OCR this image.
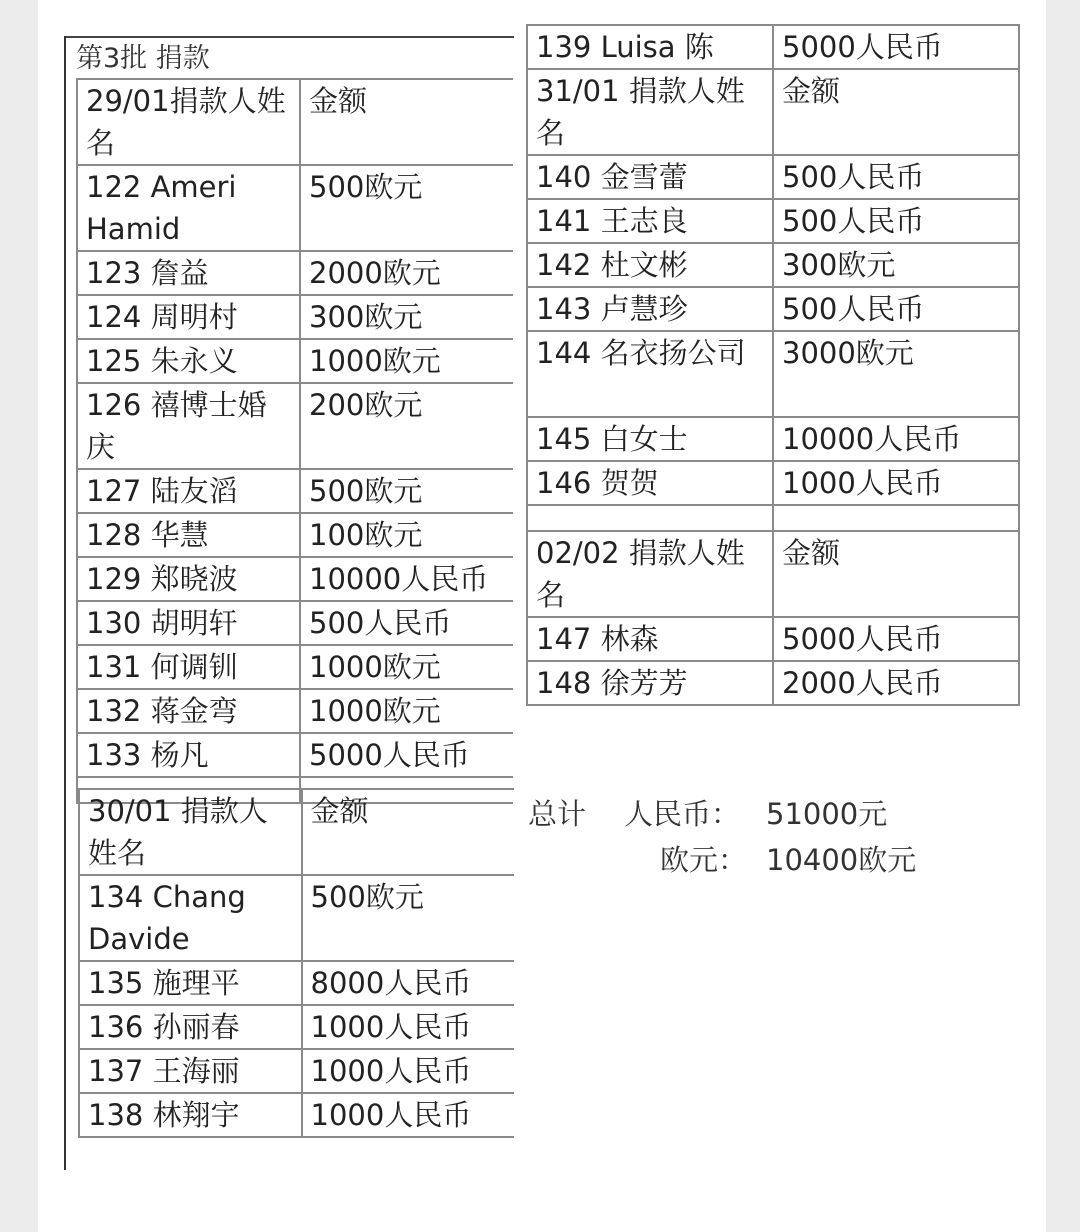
第3批 捐款
29/01捐款人姓名	金额
122 Ameri Hamid	500欧元
123 詹益	2000欧元
124 周明村	300欧元
125 朱永义	1000欧元
126 禧博士婚庆	200欧元
127 陆友滔	500欧元
128 华慧	100欧元
129 郑晓波	10000人民币
130 胡明轩	500人民币
131 何调钏	1000欧元
132 蒋金弯	1000欧元
133 杨凡	5000人民币

30/01 捐款人姓名	金额
134 Chang Davide	500欧元
135 施理平	8000人民币
136 孙丽春	1000人民币
137 王海丽	1000人民币
138 林翔宇	1000人民币
139 Luisa 陈	5000人民币
31/01 捐款人姓名	金额
140 金雪蕾	500人民币
141 王志良	500人民币
142 杜文彬	300欧元
143 卢慧珍	500人民币
144 名衣扬公司	3000欧元
145 白女士	10000人民币
146 贺贺	1000人民币

02/02 捐款人姓名	金额
147 林森	5000人民币
148 徐芳芳	2000人民币
总计 人民币： 51000元
欧元： 10400欧元
